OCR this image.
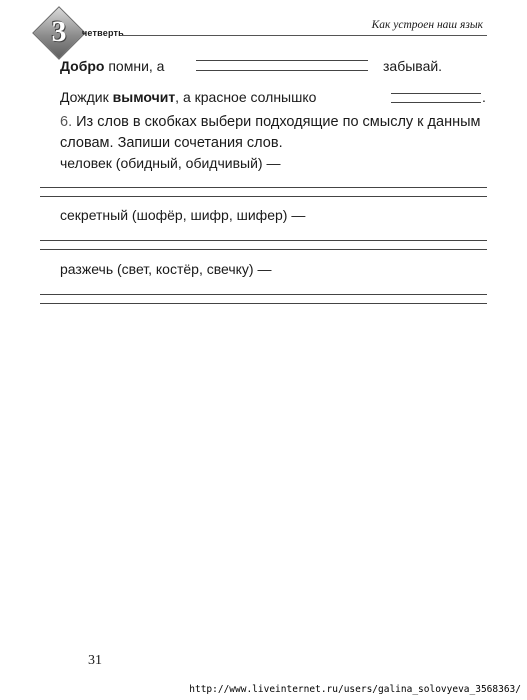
3	четверть
Как устроен наш язык
Добро помни, а	забывай.
Дождик вымочит, а красное солнышко	.
6. Из слов в скобках выбери подходящие по смыслу к данным словам. Запиши сочетания слов.
человек (обидный, обидчивый) —
секретный (шофёр, шифр, шифер) —
разжечь (свет, костёр, свечку) —
31
http://www.liveinternet.ru/users/galina_solovyeva_3568363/
